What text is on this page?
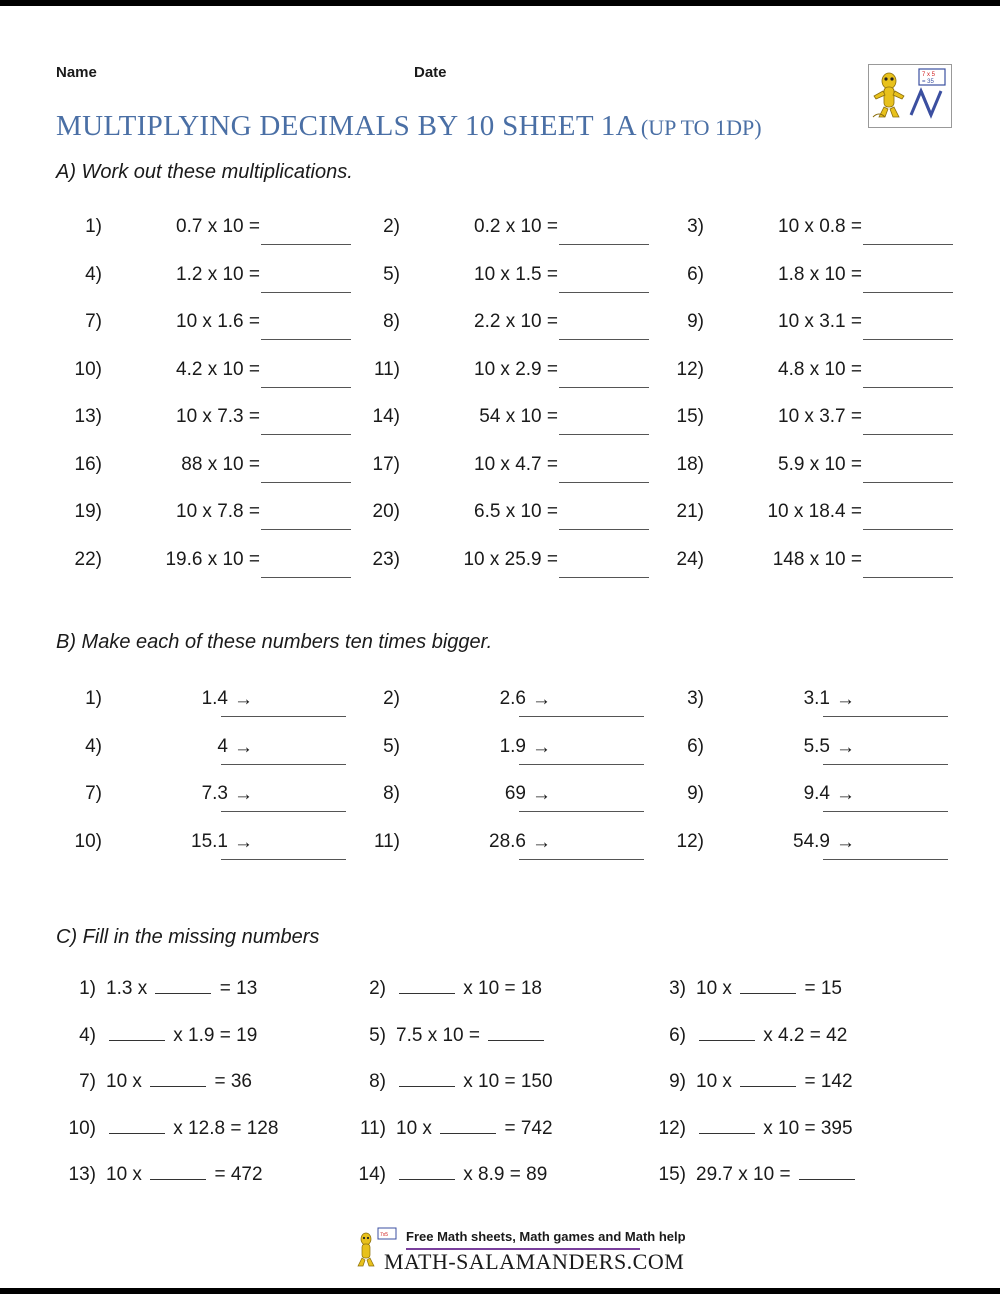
Name	Date	7 x 5
= 35
MULTIPLYING DECIMALS BY 10 SHEET 1A (UP TO 1DP)
A) Work out these multiplications.
1)	0.7 x 10 =	2)	0.2 x 10 =	3)	10 x 0.8 =
4)	1.2 x 10 =	5)	10 x 1.5 =	6)	1.8 x 10 =
7)	10 x 1.6 =	8)	2.2 x 10 =	9)	10 x 3.1 =
10)	4.2 x 10 =	11)	10 x 2.9 =	12)	4.8 x 10 =
13)	10 x 7.3 =	14)	54 x 10 =	15)	10 x 3.7 =
16)	88 x 10 =	17)	10 x 4.7 =	18)	5.9 x 10 =
19)	10 x 7.8 =	20)	6.5 x 10 =	21)	10 x 18.4 =
22)	19.6 x 10 =	23)	10 x 25.9 =	24)	148 x 10 =
B) Make each of these numbers ten times bigger.
1)	1.4 →	2)	2.6 →	3)	3.1 →
4)	4 →	5)	1.9 →	6)	5.5 →
7)	7.3 →	8)	69 →	9)	9.4 →
10)	15.1 →	11)	28.6 →	12)	54.9 →
C) Fill in the missing numbers
1) 1.3 x	= 13	2)	x 10 = 18	3) 10 x	= 15
4)	x 1.9 = 19	5) 7.5 x 10 =	6)	x 4.2 = 42
7) 10 x	= 36	8)	x 10 = 150	9) 10 x	= 142
10)	x 12.8 = 128	11) 10 x	= 742	12)	x 10 = 395
13) 10 x	= 472	14)	x 8.9 = 89	15) 29.7 x 10 =
7x5 Free Math sheets, Math games and Math help
MATH-SALAMANDERS.COM
